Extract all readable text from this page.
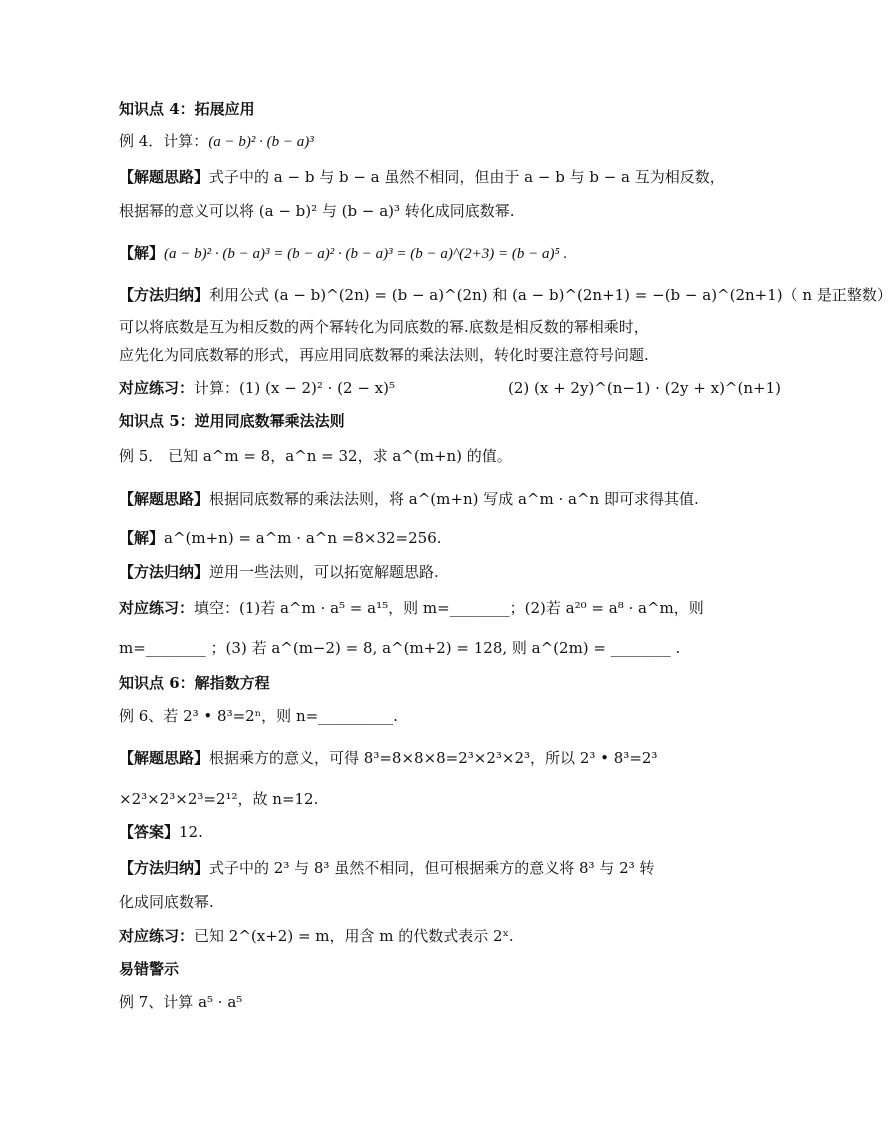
知识点 4：拓展应用
例 4．计算：(a − b)² · (b − a)³
【解题思路】式子中的 a − b 与 b − a 虽然不相同，但由于 a − b 与 b − a 互为相反数，
根据幂的意义可以将 (a − b)² 与 (b − a)³ 转化成同底数幂.
【解】(a − b)² · (b − a)³ = (b − a)² · (b − a)³ = (b − a)^(2+3) = (b − a)⁵ .
【方法归纳】利用公式 (a − b)^(2n) = (b − a)^(2n) 和 (a − b)^(2n+1) = −(b − a)^(2n+1)（ n 是正整数）
可以将底数是互为相反数的两个幂转化为同底数的幂.底数是相反数的幂相乘时，
应先化为同底数幂的形式，再应用同底数幂的乘法法则，转化时要注意符号问题.
对应练习：计算：(1) (x − 2)² · (2 − x)⁵	(2) (x + 2y)^(n−1) · (2y + x)^(n+1)
知识点 5：逆用同底数幂乘法法则
例 5． 已知 a^m = 8，a^n = 32，求 a^(m+n) 的值。
【解题思路】根据同底数幂的乘法法则，将 a^(m+n) 写成 a^m · a^n 即可求得其值.
【解】a^(m+n) = a^m · a^n =8×32=256.
【方法归纳】逆用一些法则，可以拓宽解题思路.
对应练习：填空：(1)若 a^m · a⁵ = a¹⁵，则 m=________；(2)若 a²⁰ = a⁸ · a^m，则
m=________ ；(3) 若 a^(m−2) = 8, a^(m+2) = 128, 则 a^(2m) = ________ .
知识点 6：解指数方程
例 6、若 2³ • 8³=2ⁿ，则 n=__________.
【解题思路】根据乘方的意义，可得 8³=8×8×8=2³×2³×2³，所以 2³ • 8³=2³
×2³×2³×2³=2¹²，故 n=12.
【答案】12.
【方法归纳】式子中的 2³ 与 8³ 虽然不相同，但可根据乘方的意义将 8³ 与 2³ 转
化成同底数幂.
对应练习：已知 2^(x+2) = m，用含 m 的代数式表示 2ˣ.
易错警示
例 7、计算 a⁵ · a⁵
